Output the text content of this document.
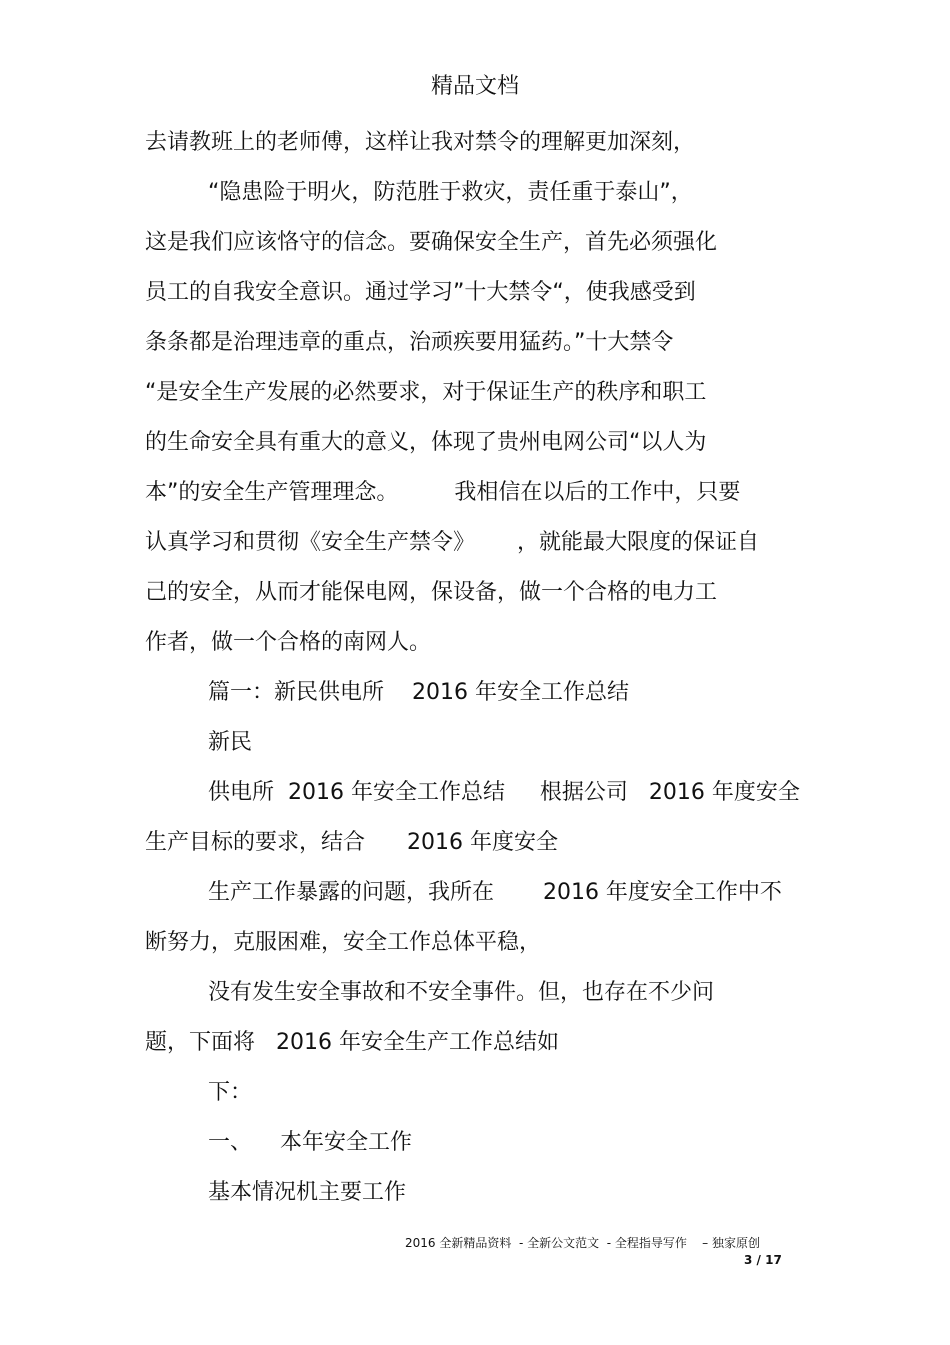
精品文档
去请教班上的老师傅，这样让我对禁令的理解更加深刻，
“隐患险于明火，防范胜于救灾，责任重于泰山”，
这是我们应该恪守的信念。要确保安全生产，首先必须强化
员工的自我安全意识。通过学习”十大禁令“，使我感受到
条条都是治理违章的重点，治顽疾要用猛药。”十大禁令
“是安全生产发展的必然要求，对于保证生产的秩序和职工
的生命安全具有重大的意义，体现了贵州电网公司“以人为
本”的安全生产管理理念。        我相信在以后的工作中，只要
认真学习和贯彻《安全生产禁令》      ，就能最大限度的保证自
己的安全，从而才能保电网，保设备，做一个合格的电力工
作者，做一个合格的南网人。
篇一：新民供电所    2016 年安全工作总结
新民
供电所  2016 年安全工作总结     根据公司   2016 年度安全
生产目标的要求，结合      2016 年度安全
生产工作暴露的问题，我所在       2016 年度安全工作中不
断努力，克服困难，安全工作总体平稳，
没有发生安全事故和不安全事件。但，也存在不少问
题，下面将   2016 年安全生产工作总结如
下：
一、    本年安全工作
基本情况机主要工作
2016 全新精品资料  - 全新公文范文  - 全程指导写作    – 独家原创
3 / 17
